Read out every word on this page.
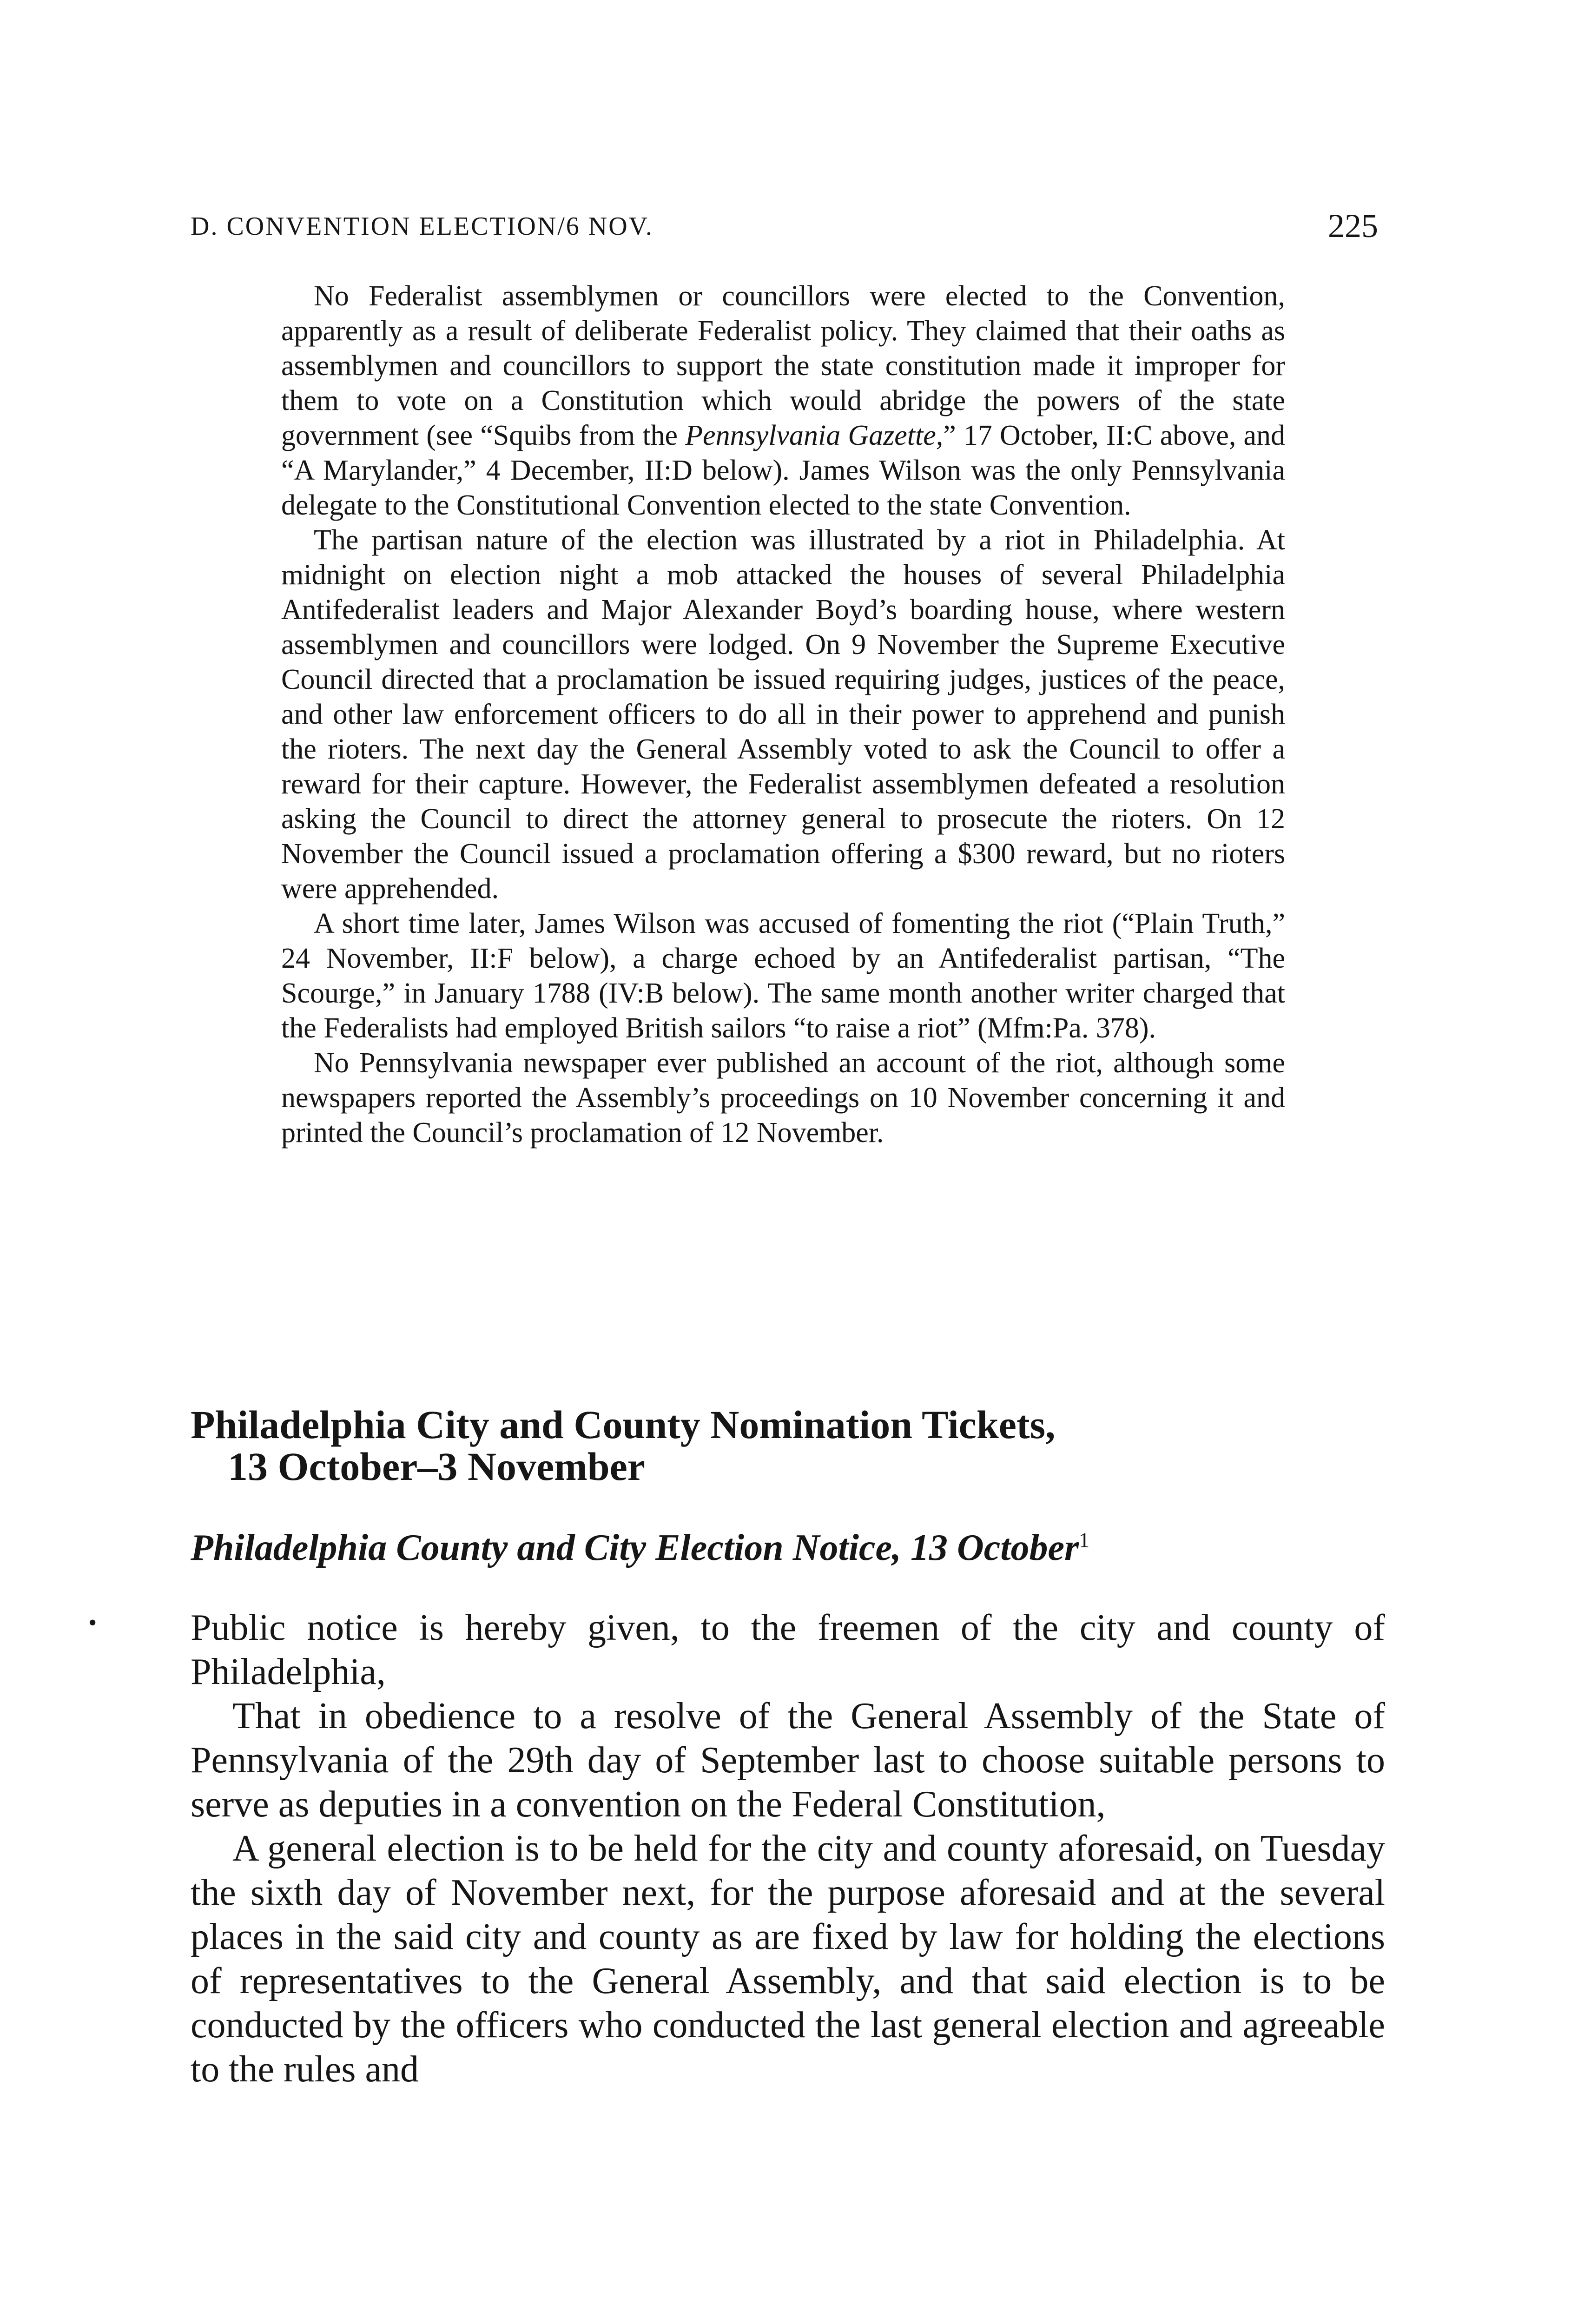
D. CONVENTION ELECTION/6 NOV.	225

No Federalist assemblymen or councillors were elected to the Convention, apparently as a result of deliberate Federalist policy. They claimed that their oaths as assemblymen and councillors to support the state constitution made it improper for them to vote on a Constitution which would abridge the powers of the state government (see “Squibs from the Pennsylvania Gazette,” 17 October, II:C above, and “A Marylander,” 4 December, II:D below). James Wilson was the only Pennsylvania delegate to the Constitutional Convention elected to the state Convention.

The partisan nature of the election was illustrated by a riot in Philadelphia. At midnight on election night a mob attacked the houses of several Philadelphia Antifederalist leaders and Major Alexander Boyd’s boarding house, where western assemblymen and councillors were lodged. On 9 November the Supreme Executive Council directed that a proclamation be issued requiring judges, justices of the peace, and other law enforcement officers to do all in their power to apprehend and punish the rioters. The next day the General Assembly voted to ask the Council to offer a reward for their capture. However, the Federalist assemblymen defeated a resolution asking the Council to direct the attorney general to prosecute the rioters. On 12 November the Council issued a proclamation offering a $300 reward, but no rioters were apprehended.

A short time later, James Wilson was accused of fomenting the riot (“Plain Truth,” 24 November, II:F below), a charge echoed by an Antifederalist partisan, “The Scourge,” in January 1788 (IV:B below). The same month another writer charged that the Federalists had employed British sailors “to raise a riot” (Mfm:Pa. 378).

No Pennsylvania newspaper ever published an account of the riot, although some newspapers reported the Assembly’s proceedings on 10 November concerning it and printed the Council’s proclamation of 12 November.

Philadelphia City and County Nomination Tickets,
13 October–3 November
Philadelphia County and City Election Notice, 13 October$^1$
•	Public notice is hereby given, to the freemen of the city and county of Philadelphia,

That in obedience to a resolve of the General Assembly of the State of Pennsylvania of the 29th day of September last to choose suitable persons to serve as deputies in a convention on the Federal Constitution,

A general election is to be held for the city and county aforesaid, on Tuesday the sixth day of November next, for the purpose aforesaid and at the several places in the said city and county as are fixed by law for holding the elections of representatives to the General Assembly, and that said election is to be conducted by the officers who conducted the last general election and agreeable to the rules and
